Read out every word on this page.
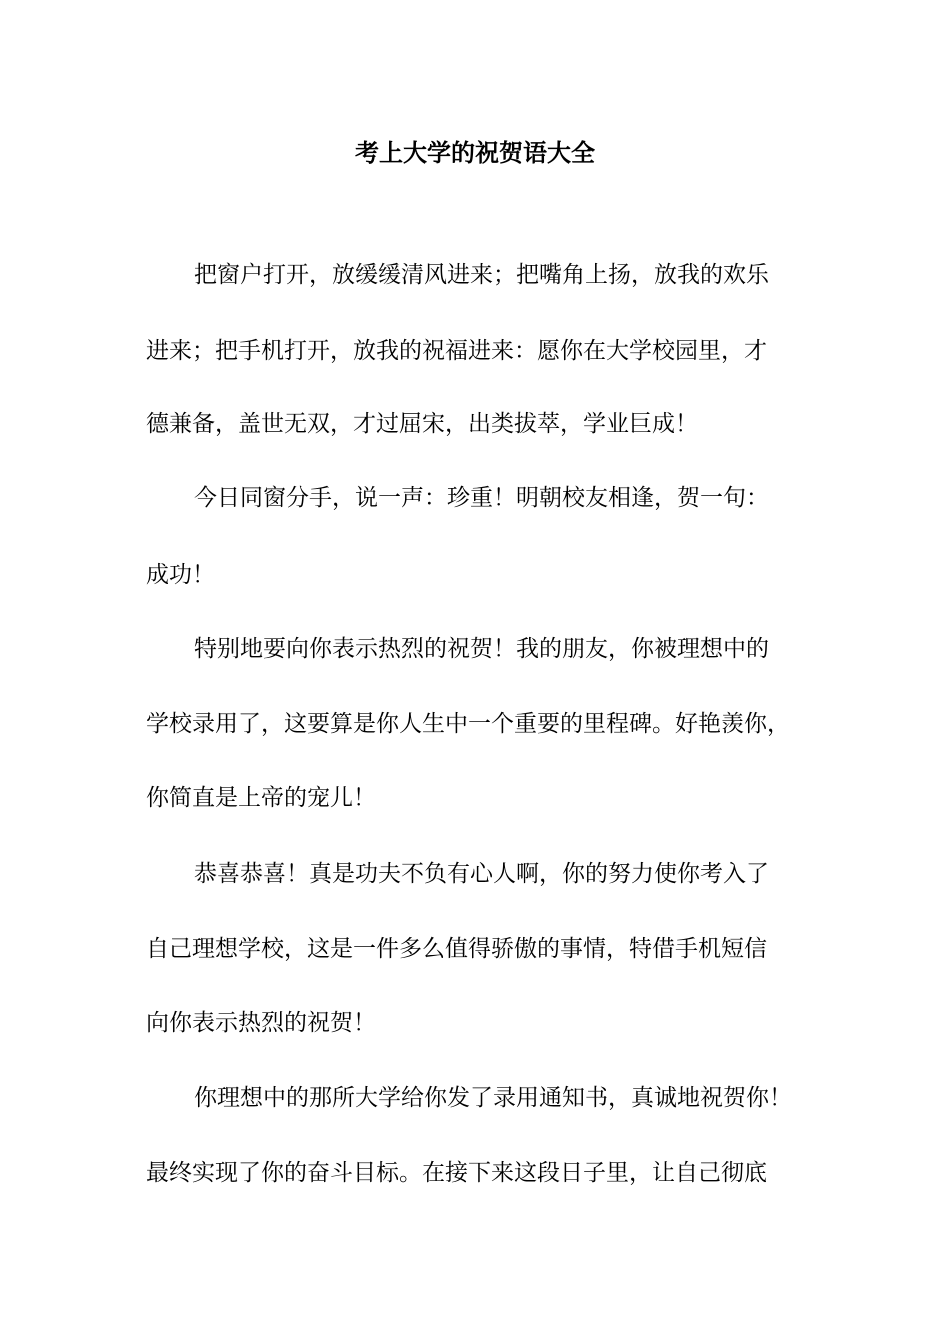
考上大学的祝贺语大全

把窗户打开，放缓缓清风进来；把嘴角上扬，放我的欢乐

进来；把手机打开，放我的祝福进来：愿你在大学校园里，才

德兼备，盖世无双，才过屈宋，出类拔萃，学业巨成！

今日同窗分手，说一声：珍重！明朝校友相逢，贺一句：

成功！

特别地要向你表示热烈的祝贺！我的朋友，你被理想中的

学校录用了，这要算是你人生中一个重要的里程碑。好艳羡你，

你简直是上帝的宠儿！

恭喜恭喜！真是功夫不负有心人啊，你的努力使你考入了

自己理想学校，这是一件多么值得骄傲的事情，特借手机短信

向你表示热烈的祝贺！

你理想中的那所大学给你发了录用通知书，真诚地祝贺你！

最终实现了你的奋斗目标。在接下来这段日子里，让自己彻底
